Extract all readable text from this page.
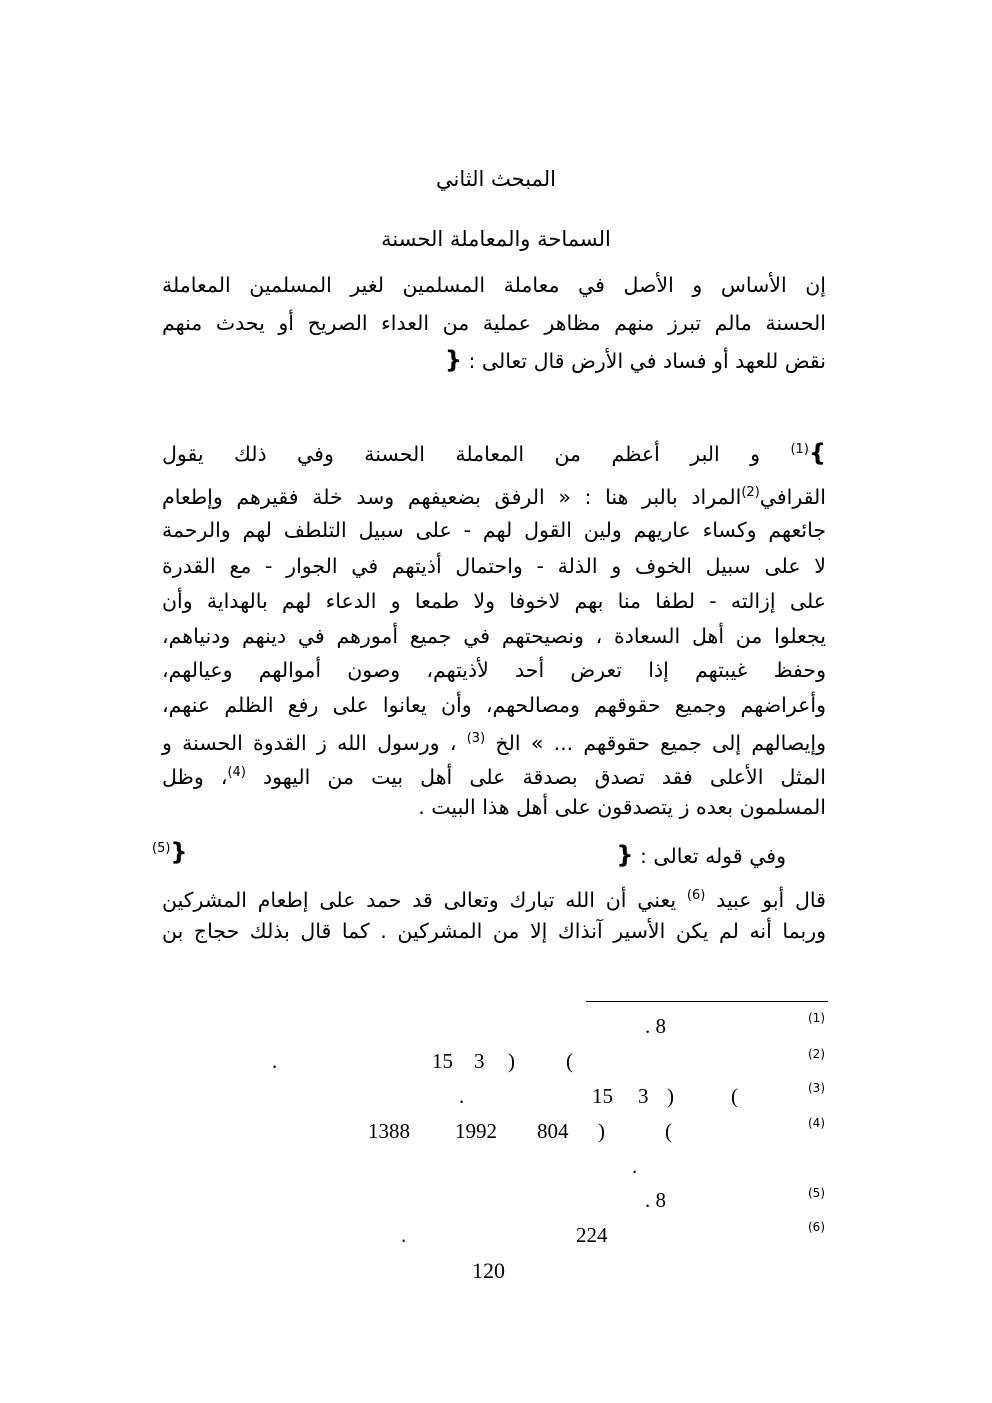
المبحث الثاني
السماحة والمعاملة الحسنة
إن الأساس و الأصل في معاملة المسلمين لغير المسلمين المعاملة
الحسنة مالم تبرز منهم مظاهر عملية من العداء الصريح أو يحدث منهم
نقض للعهد أو فساد في الأرض قال تعالى : {
}$^{(1)}$ و البر أعظم من المعاملة الحسنة وفي ذلك يقول
القرافي$^{(2)}$المراد بالبر هنا : « الرفق بضعيفهم وسد خلة فقيرهم وإطعام
جائعهم وكساء عاريهم ولين القول لهم - على سبيل التلطف لهم والرحمة
لا على سبيل الخوف و الذلة - واحتمال أذيتهم في الجوار - مع القدرة
على إزالته - لطفا منا بهم لاخوفا ولا طمعا و الدعاء لهم بالهداية وأن
يجعلوا من أهل السعادة ، ونصيحتهم في جميع أمورهم في دينهم ودنياهم،
وحفظ غيبتهم إذا تعرض أحد لأذيتهم، وصون أموالهم وعيالهم،
وأعراضهم وجميع حقوقهم ومصالحهم، وأن يعانوا على رفع الظلم عنهم،
وإيصالهم إلى جميع حقوقهم ... » الخ $^{(3)}$ ، ورسول الله ز القدوة الحسنة و
المثل الأعلى فقد تصدق بصدقة على أهل بيت من اليهود $^{(4)}$، وظل
المسلمون بعده ز يتصدقون على أهل هذا البيت .
وفي قوله تعالى : {
$^{(5)}$}
قال أبو عبيد $^{(6)}$ يعني أن الله تبارك وتعالى قد حمد على إطعام المشركين
وربما أنه لم يكن الأسير آنذاك إلا من المشركين . كما قال بذلك حجاج بن
(1)
. 8
(2)
.	15 3 ) (
(3)
.	15 3 )	(
(4)
1388 1992 804 )	(
.
(5)
. 8
(6)
224
.
120
